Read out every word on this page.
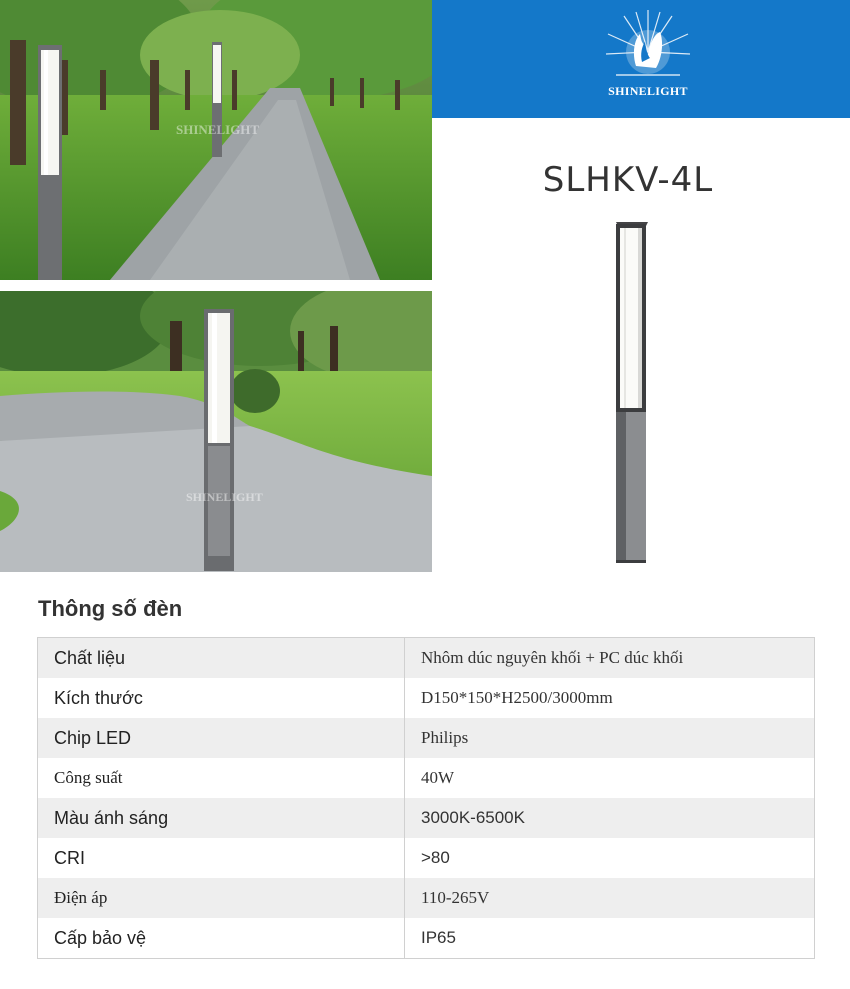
SHINELIGHT
SHINELIGHT
SHINELIGHT
SLHKV-4L
Thông số đèn
Chất liệu	Nhôm dúc nguyên khối + PC dúc khối
Kích thước	D150*150*H2500/3000mm
Chip LED	Philips
Công suất	40W
Màu ánh sáng	3000K-6500K
CRI	>80
Điện áp	110-265V
Cấp bảo vệ	IP65
